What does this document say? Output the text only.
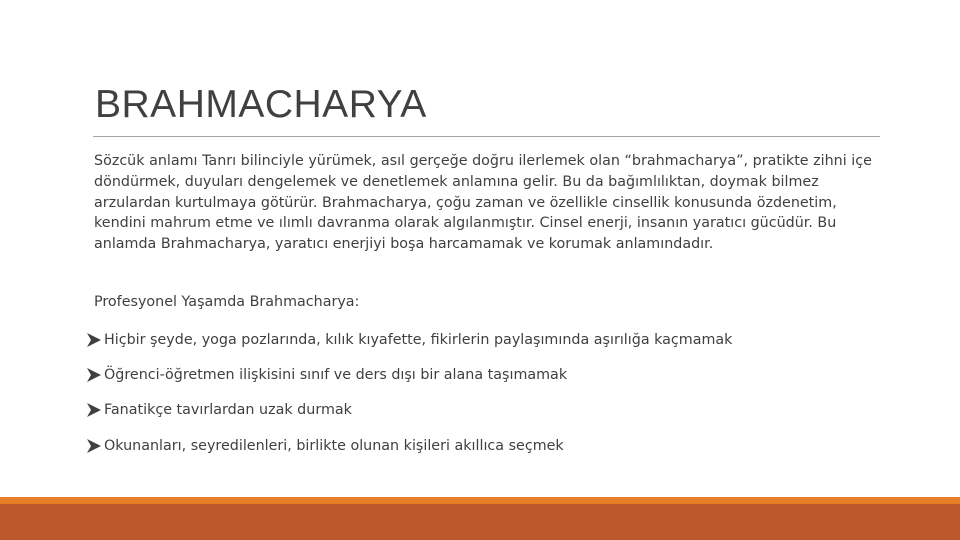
BRAHMACHARYA

Sözcük anlamı Tanrı bilinciyle yürümek, asıl gerçeğe doğru ilerlemek olan “brahmacharya”, pratikte zihni içe döndürmek, duyuları dengelemek ve denetlemek anlamına gelir. Bu da bağımlılıktan, doymak bilmez arzulardan kurtulmaya götürür. Brahmacharya, çoğu zaman ve özellikle cinsellik konusunda özdenetim, kendini mahrum etme ve ılımlı davranma olarak algılanmıştır. Cinsel enerji, insanın yaratıcı gücüdür. Bu anlamda Brahmacharya, yaratıcı enerjiyi boşa harcamamak ve korumak anlamındadır.

Profesyonel Yaşamda Brahmacharya:

Hiçbir şeyde, yoga pozlarında, kılık kıyafette, fikirlerin paylaşımında aşırılığa kaçmamak
Öğrenci-öğretmen ilişkisini sınıf ve ders dışı bir alana taşımamak
Fanatikçe tavırlardan uzak durmak
Okunanları, seyredilenleri, birlikte olunan kişileri akıllıca seçmek
